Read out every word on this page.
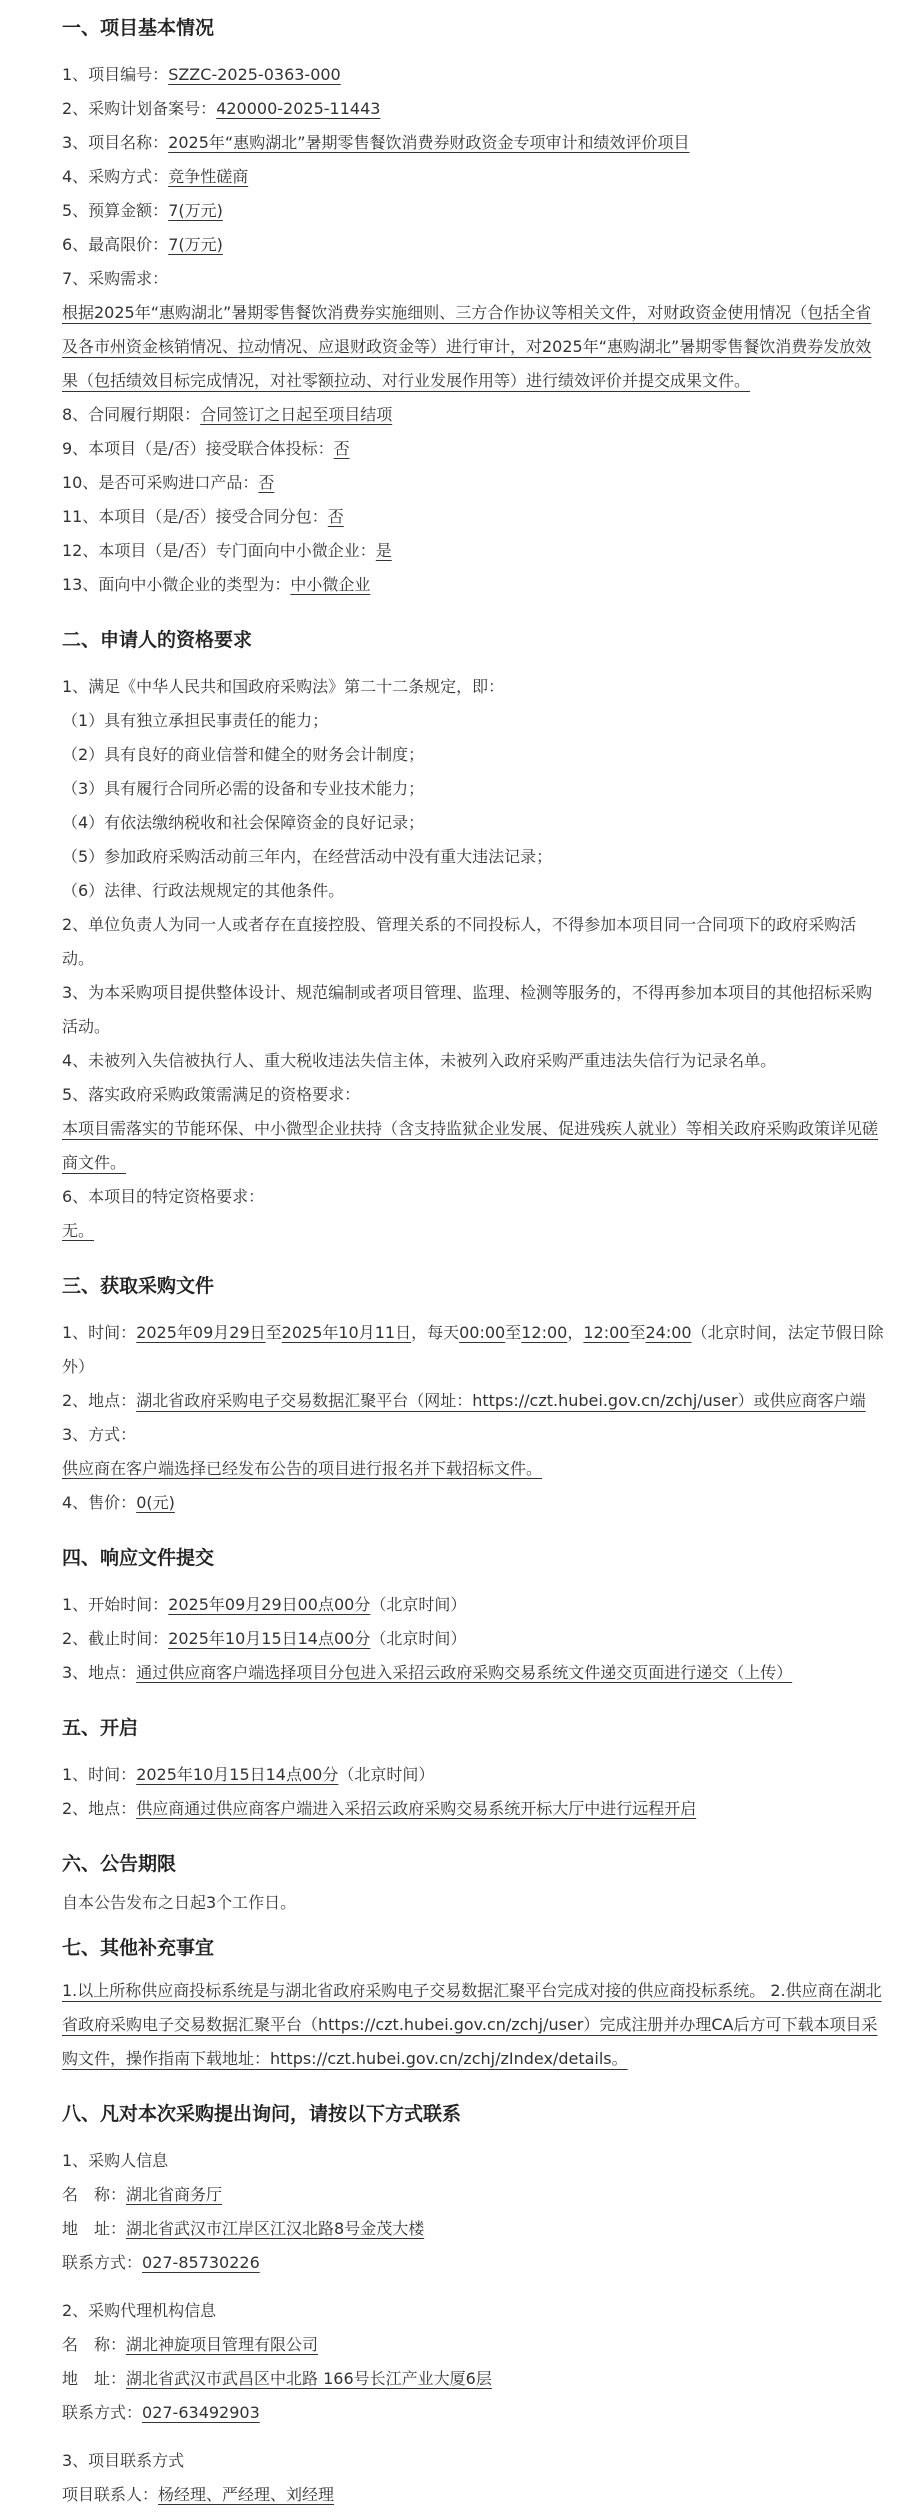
一、项目基本情况

1、项目编号：SZZC-2025-0363-000

2、采购计划备案号：420000-2025-11443

3、项目名称：2025年“惠购湖北”暑期零售餐饮消费券财政资金专项审计和绩效评价项目

4、采购方式：竞争性磋商

5、预算金额：7(万元)

6、最高限价：7(万元)

7、采购需求：

根据2025年“惠购湖北”暑期零售餐饮消费券实施细则、三方合作协议等相关文件，对财政资金使用情况（包括全省及各市州资金核销情况、拉动情况、应退财政资金等）进行审计，对2025年“惠购湖北”暑期零售餐饮消费券发放效果（包括绩效目标完成情况，对社零额拉动、对行业发展作用等）进行绩效评价并提交成果文件。

8、合同履行期限：合同签订之日起至项目结项

9、本项目（是/否）接受联合体投标：否

10、是否可采购进口产品：否

11、本项目（是/否）接受合同分包：否

12、本项目（是/否）专门面向中小微企业：是

13、面向中小微企业的类型为：中小微企业

二、申请人的资格要求

1、满足《中华人民共和国政府采购法》第二十二条规定，即：

（1）具有独立承担民事责任的能力；

（2）具有良好的商业信誉和健全的财务会计制度；

（3）具有履行合同所必需的设备和专业技术能力；

（4）有依法缴纳税收和社会保障资金的良好记录；

（5）参加政府采购活动前三年内，在经营活动中没有重大违法记录；

（6）法律、行政法规规定的其他条件。

2、单位负责人为同一人或者存在直接控股、管理关系的不同投标人，不得参加本项目同一合同项下的政府采购活动。

3、为本采购项目提供整体设计、规范编制或者项目管理、监理、检测等服务的，不得再参加本项目的其他招标采购活动。

4、未被列入失信被执行人、重大税收违法失信主体，未被列入政府采购严重违法失信行为记录名单。

5、落实政府采购政策需满足的资格要求：

本项目需落实的节能环保、中小微型企业扶持（含支持监狱企业发展、促进残疾人就业）等相关政府采购政策详见磋商文件。

6、本项目的特定资格要求：

无。

三、获取采购文件

1、时间：2025年09月29日至2025年10月11日，每天00:00至12:00，12:00至24:00（北京时间，法定节假日除外）

2、地点：湖北省政府采购电子交易数据汇聚平台（网址：https://czt.hubei.gov.cn/zchj/user）或供应商客户端

3、方式：

供应商在客户端选择已经发布公告的项目进行报名并下载招标文件。

4、售价：0(元)

四、响应文件提交

1、开始时间：2025年09月29日00点00分（北京时间）

2、截止时间：2025年10月15日14点00分（北京时间）

3、地点：通过供应商客户端选择项目分包进入采招云政府采购交易系统文件递交页面进行递交（上传）

五、开启

1、时间：2025年10月15日14点00分（北京时间）

2、地点：供应商通过供应商客户端进入采招云政府采购交易系统开标大厅中进行远程开启

六、公告期限

自本公告发布之日起3个工作日。

七、其他补充事宜

1.以上所称供应商投标系统是与湖北省政府采购电子交易数据汇聚平台完成对接的供应商投标系统。 2.供应商在湖北省政府采购电子交易数据汇聚平台（https://czt.hubei.gov.cn/zchj/user）完成注册并办理CA后方可下载本项目采购文件，操作指南下载地址：https://czt.hubei.gov.cn/zchj/zIndex/details。

八、凡对本次采购提出询问，请按以下方式联系

1、采购人信息

名　称：湖北省商务厅

地　址：湖北省武汉市江岸区江汉北路8号金茂大楼

联系方式：027-85730226

2、采购代理机构信息

名　称：湖北神旋项目管理有限公司

地　址：湖北省武汉市武昌区中北路 166号长江产业大厦6层

联系方式：027-63492903

3、项目联系方式

项目联系人：杨经理、严经理、刘经理
